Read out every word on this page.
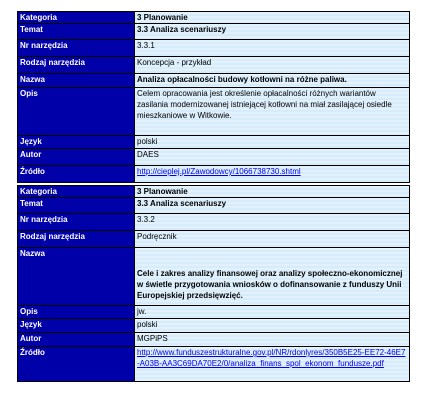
Kategoria	3 Planowanie
Temat	3.3 Analiza scenariuszy
Nr narzędzia	3.3.1
Rodzaj narzędzia	Koncepcja - przykład
Nazwa	Analiza opłacalności budowy kotłowni na różne paliwa.
Opis	Celem opracowania jest określenie opłacalności różnych wariantów zasilania modernizowanej istniejącej kotłowni na miał zasilającej osiedle mieszkaniowe w Witkowie.
Język	polski
Autor	DAES
Źródło	http://cieplej.pl/Zawodowcy/1066738730.shtml
Kategoria	3 Planowanie
Temat	3.3 Analiza scenariuszy
Nr narzędzia	3.3.2
Rodzaj narzędzia	Podręcznik
Nazwa	Cele i zakres analizy finansowej oraz analizy społeczno-ekonomicznej w świetle przygotowania wniosków o dofinansowanie z funduszy Unii Europejskiej przedsięwzięć.
Opis	jw.
Język	polski
Autor	MGPiPS
Źródło	http://www.funduszestrukturalne.gov.pl/NR/rdonlyres/350B5E25-EE72-46E7-A03B-AA3C69DA70E2/0/analiza_finans_spol_ekonom_fundusze.pdf
